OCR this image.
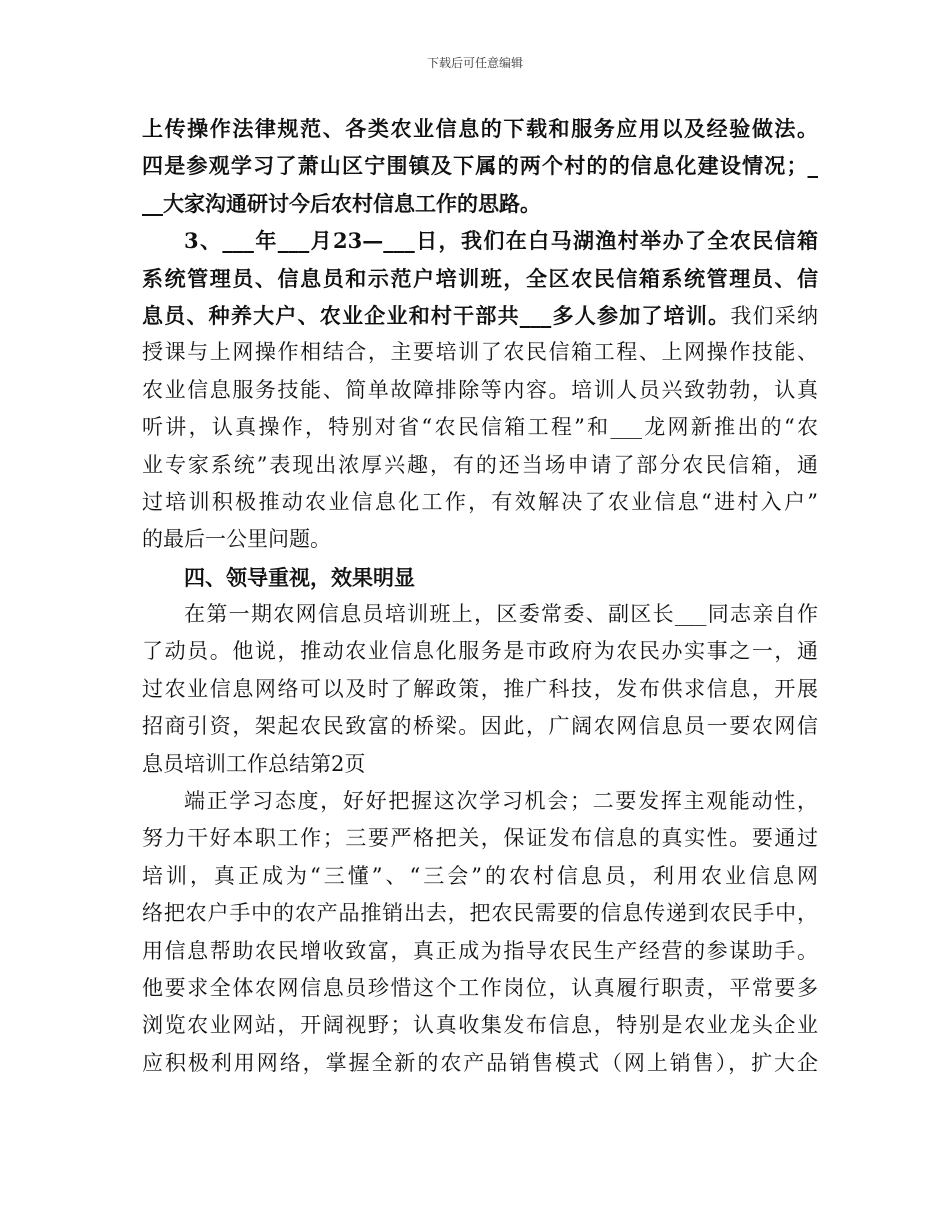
下载后可任意编辑
上传操作法律规范、各类农业信息的下载和服务应用以及经验做法。
四是参观学习了萧山区宁围镇及下属的两个村的的信息化建设情况；_
__大家沟通研讨今后农村信息工作的思路。
3、___年___月23—___日，我们在白马湖渔村举办了全农民信箱
系统管理员、信息员和示范户培训班，全区农民信箱系统管理员、信
息员、种养大户、农业企业和村干部共___多人参加了培训。我们采纳
授课与上网操作相结合，主要培训了农民信箱工程、上网操作技能、
农业信息服务技能、简单故障排除等内容。培训人员兴致勃勃，认真
听讲，认真操作，特别对省“农民信箱工程”和___龙网新推出的“农
业专家系统”表现出浓厚兴趣，有的还当场申请了部分农民信箱，通
过培训积极推动农业信息化工作，有效解决了农业信息“进村入户”
的最后一公里问题。
四、领导重视，效果明显
在第一期农网信息员培训班上，区委常委、副区长___同志亲自作
了动员。他说，推动农业信息化服务是市政府为农民办实事之一，通
过农业信息网络可以及时了解政策，推广科技，发布供求信息，开展
招商引资，架起农民致富的桥梁。因此，广阔农网信息员一要农网信
息员培训工作总结第2页
端正学习态度，好好把握这次学习机会；二要发挥主观能动性，
努力干好本职工作；三要严格把关，保证发布信息的真实性。要通过
培训，真正成为“三懂”、“三会”的农村信息员，利用农业信息网
络把农户手中的农产品推销出去，把农民需要的信息传递到农民手中，
用信息帮助农民增收致富，真正成为指导农民生产经营的参谋助手。
他要求全体农网信息员珍惜这个工作岗位，认真履行职责，平常要多
浏览农业网站，开阔视野；认真收集发布信息，特别是农业龙头企业
应积极利用网络，掌握全新的农产品销售模式（网上销售），扩大企
